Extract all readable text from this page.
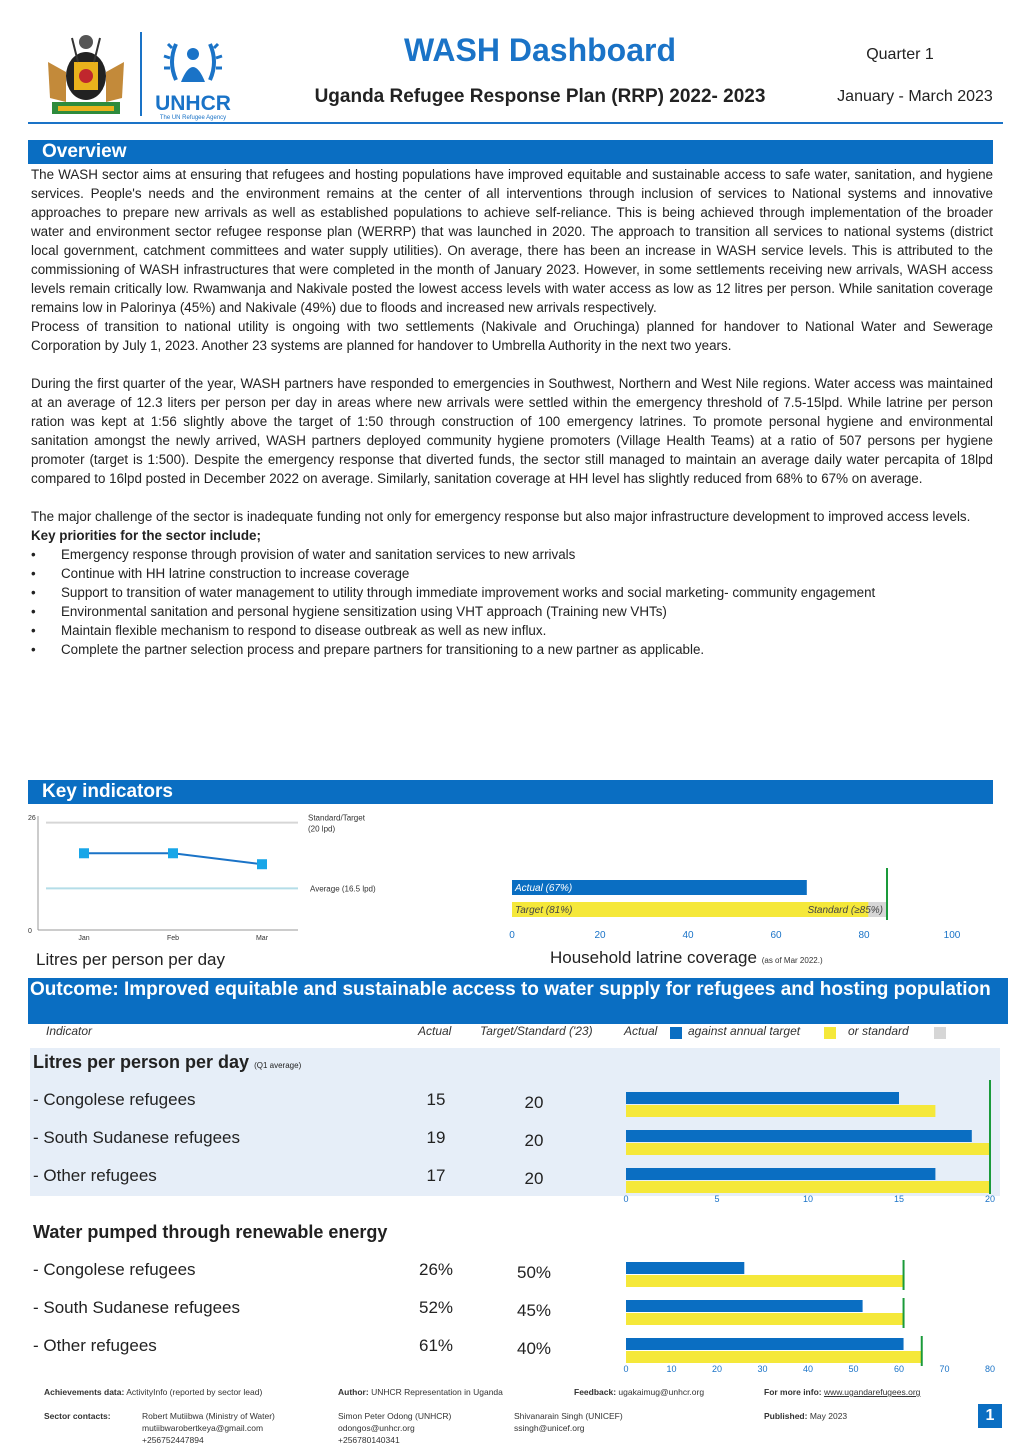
UNHCR
The UN Refugee Agency
WASH Dashboard
Uganda Refugee Response Plan (RRP) 2022- 2023
Quarter 1
January - March 2023
Overview

The WASH sector aims at ensuring that refugees and hosting populations have improved equitable and sustainable access to safe water, sanitation, and hygiene services. People's needs and the environment remains at the center of all interventions through inclusion of services to National systems and innovative approaches to prepare new arrivals as well as established populations to achieve self-reliance. This is being achieved through implementation of the broader water and environment sector refugee response plan (WERRP) that was launched in 2020. The approach to transition all services to national systems (district local government, catchment committees and water supply utilities). On average, there has been an increase in WASH service levels. This is attributed to the commissioning of WASH infrastructures that were completed in the month of January 2023. However, in some settlements receiving new arrivals, WASH access levels remain critically low. Rwamwanja and Nakivale posted the lowest access levels with water access as low as 12 litres per person. While sanitation coverage remains low in Palorinya (45%) and Nakivale (49%) due to floods and increased new arrivals respectively.

Process of transition to national utility is ongoing with two settlements (Nakivale and Oruchinga) planned for handover to National Water and Sewerage Corporation by July 1, 2023. Another 23 systems are planned for handover to Umbrella Authority in the next two years.

During the first quarter of the year, WASH partners have responded to emergencies in Southwest, Northern and West Nile regions. Water access was maintained at an average of 12.3 liters per person per day in areas where new arrivals were settled within the emergency threshold of 7.5-15lpd. While latrine per person ration was kept at 1:56 slightly above the target of 1:50 through construction of 100 emergency latrines. To promote personal hygiene and environmental sanitation amongst the newly arrived, WASH partners deployed community hygiene promoters (Village Health Teams) at a ratio of 507 persons per hygiene promoter (target is 1:500). Despite the emergency response that diverted funds, the sector still managed to maintain an average daily water percapita of 18lpd compared to 16lpd posted in December 2022 on average. Similarly, sanitation coverage at HH level has slightly reduced from 68% to 67% on average.

The major challenge of the sector is inadequate funding not only for emergency response but also major infrastructure development to improved access levels.

Key priorities for the sector include;

• Emergency response through provision of water and sanitation services to new arrivals
• Continue with HH latrine construction to increase coverage
• Support to transition of water management to utility through immediate improvement works and social marketing- community engagement
• Environmental sanitation and personal hygiene sensitization using VHT approach (Training new VHTs)
• Maintain flexible mechanism to respond to disease outbreak as well as new influx.
• Complete the partner selection process and prepare partners for transitioning to a new partner as applicable.
Key indicators
26
0
Standard/Target
(20 lpd)
Average (16.5 lpd)
Jan	Feb	Mar
Litres per person per day
Actual (67%)
Target (81%)	Standard (≥85%)
0	20	40	60	80	100
Household latrine coverage (as of Mar 2022.)
Outcome: Improved equitable and sustainable access to water supply for refugees and hosting population
Indicator	Actual Target/Standard ('23)	Actual	against annual target	or standard
Litres per person per day (Q1 average)
- Congolese refugees	15	20
- South Sudanese refugees	19	20
- Other refugees	17	20
0	5	10	15	20
Water pumped through renewable energy
- Congolese refugees	26%	50%
- South Sudanese refugees	52%	45%
- Other refugees	61%	40%
0	10	20	30	40	50	60	70	80
Achievements data: ActivityInfo (reported by sector lead)	Author: UNHCR Representation in Uganda	Feedback: ugakaimug@unhcr.org	For more info: www.ugandarefugees.org
Sector contacts:	Robert Mutiibwa (Ministry of Water)
mutiibwarobertkeya@gmail.com
+256752447894
Simon Peter Odong (UNHCR)
odongos@unhcr.org
+256780140341
Shivanarain Singh (UNICEF)
ssingh@unicef.org
Published: May 2023	1
